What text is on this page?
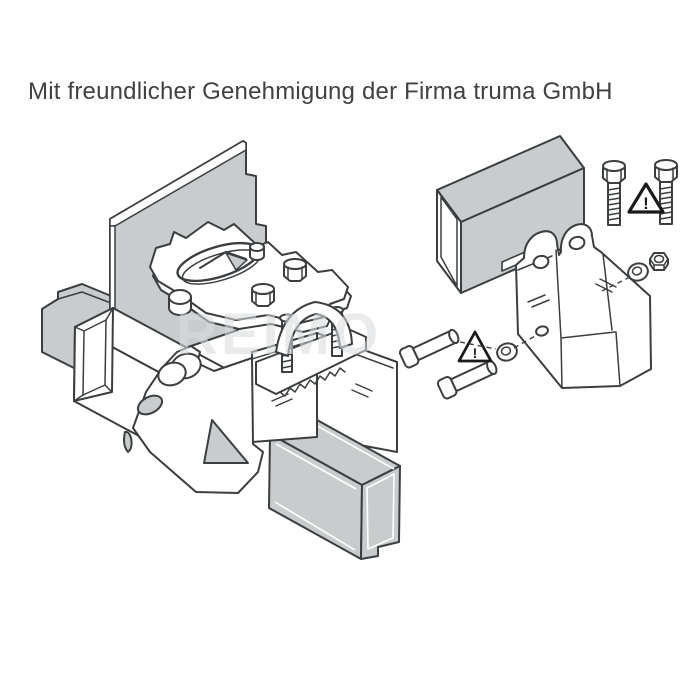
Mit freundlicher Genehmigung der Firma truma GmbH
REIMO
!
!
